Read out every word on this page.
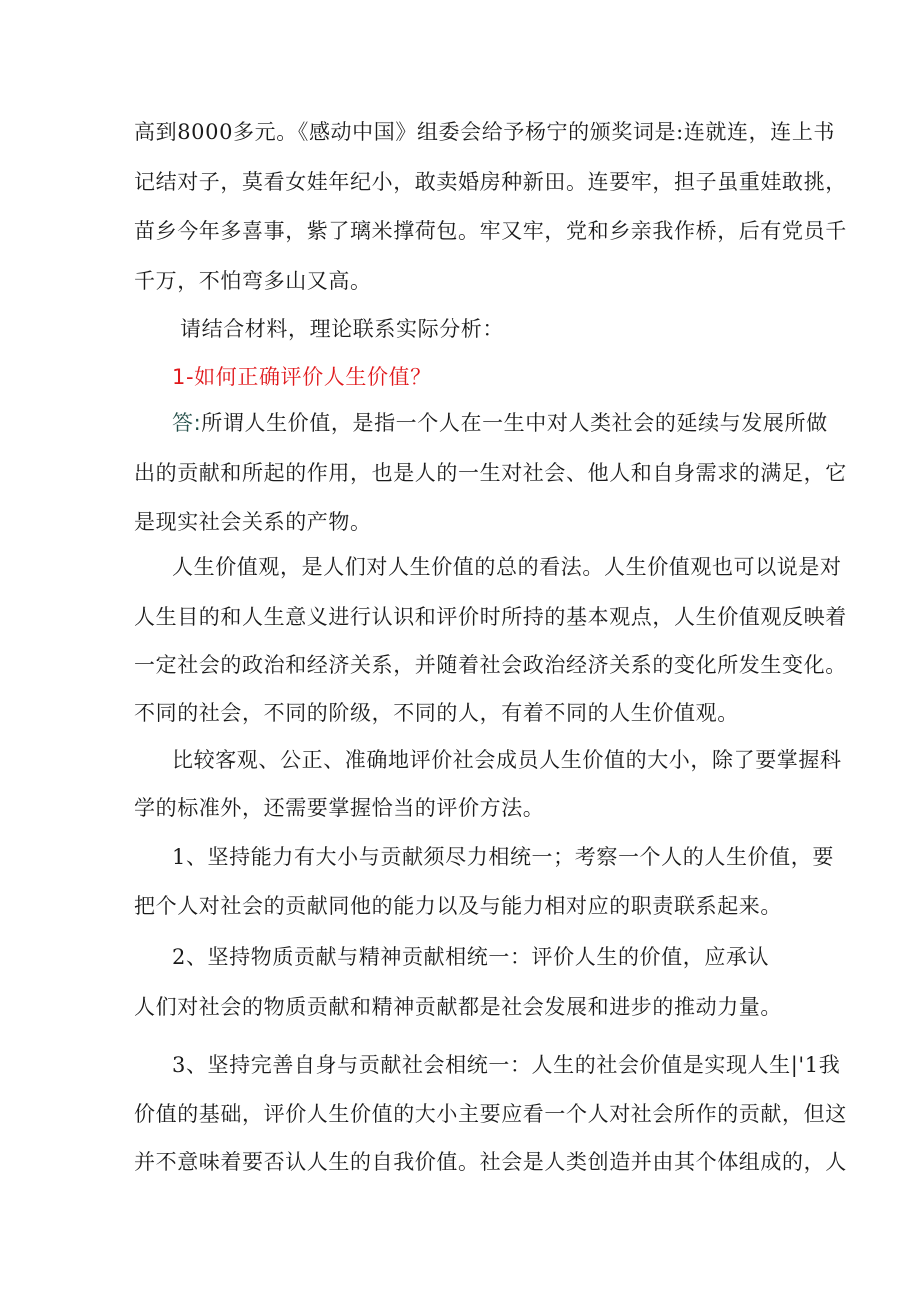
高到8000多元。《感动中国》组委会给予杨宁的颁奖词是:连就连，连上书
记结对子，莫看女娃年纪小，敢卖婚房种新田。连要牢，担子虽重娃敢挑，
苗乡今年多喜事，紫了璃米撑荷包。牢又牢，党和乡亲我作桥，后有党员千
千万，不怕弯多山又高。
请结合材料，理论联系实际分析：
1-如何正确评价人生价值？
答:所谓人生价值，是指一个人在一生中对人类社会的延续与发展所做
出的贡献和所起的作用，也是人的一生对社会、他人和自身需求的满足，它
是现实社会关系的产物。
人生价值观，是人们对人生价值的总的看法。人生价值观也可以说是对
人生目的和人生意义进行认识和评价时所持的基本观点，人生价值观反映着
一定社会的政治和经济关系，并随着社会政治经济关系的变化所发生变化。
不同的社会，不同的阶级，不同的人，有着不同的人生价值观。
比较客观、公正、准确地评价社会成员人生价值的大小，除了要掌握科
学的标准外，还需要掌握恰当的评价方法。
1、坚持能力有大小与贡献须尽力相统一；考察一个人的人生价值，要
把个人对社会的贡献同他的能力以及与能力相对应的职责联系起来。
2、坚持物质贡献与精神贡献相统一：评价人生的价值，应承认
人们对社会的物质贡献和精神贡献都是社会发展和进步的推动力量。
3、坚持完善自身与贡献社会相统一：人生的社会价值是实现人生|'1我
价值的基础，评价人生价值的大小主要应看一个人对社会所作的贡献，但这
并不意味着要否认人生的自我价值。社会是人类创造并由其个体组成的，人
